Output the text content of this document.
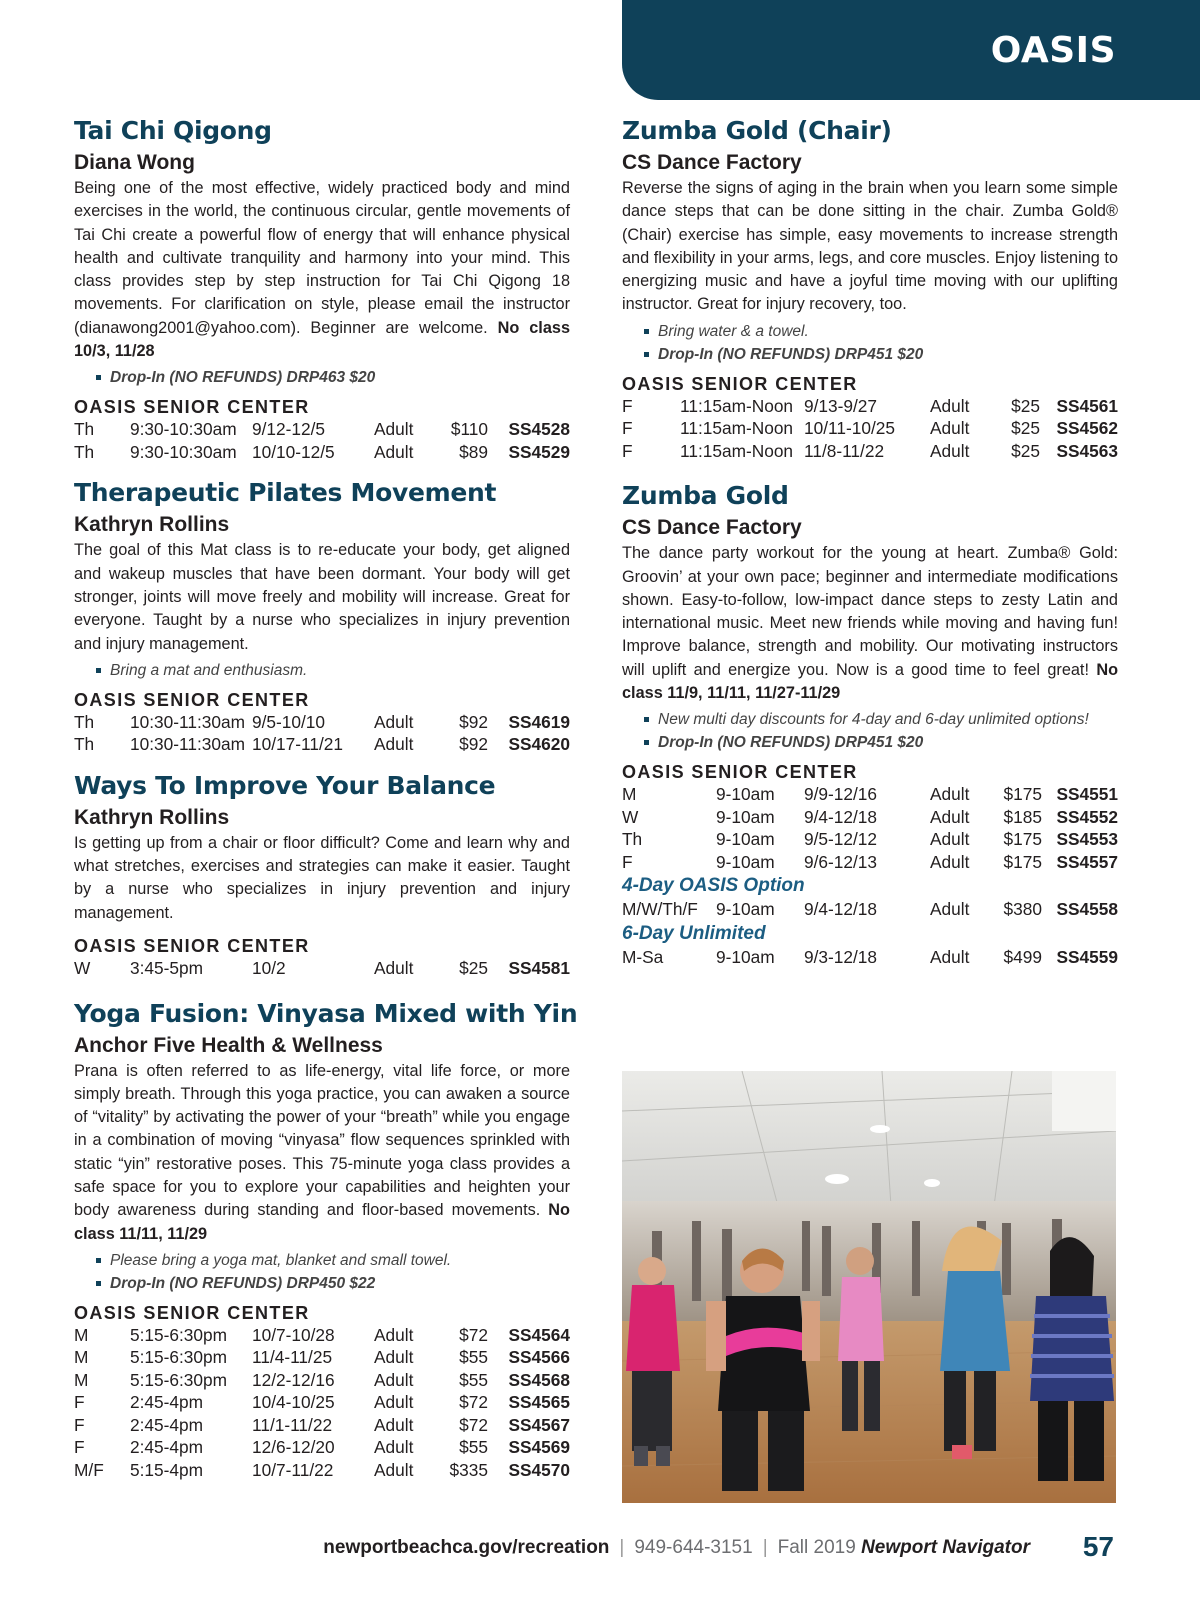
OASIS
Tai Chi Qigong
Diana Wong

Being one of the most effective, widely practiced body and mind exercises in the world, the continuous circular, gentle movements of Tai Chi create a powerful flow of energy that will enhance physical health and cultivate tranquility and harmony into your mind. This class provides step by step instruction for Tai Chi Qigong 18 movements. For clarification on style, please email the instructor (dianawong2001@yahoo.com). Beginner are welcome. No class 10/3, 11/28

Drop-In (NO REFUNDS) DRP463 $20
OASIS SENIOR CENTER
Th	9:30-10:30am	9/12-12/5	Adult	$110	SS4528
Th	9:30-10:30am	10/10-12/5	Adult	$89	SS4529
Therapeutic Pilates Movement
Kathryn Rollins

The goal of this Mat class is to re-educate your body, get aligned and wakeup muscles that have been dormant. Your body will get stronger, joints will move freely and mobility will increase. Great for everyone. Taught by a nurse who specializes in injury prevention and injury management.

Bring a mat and enthusiasm.
OASIS SENIOR CENTER
Th	10:30-11:30am	9/5-10/10	Adult	$92	SS4619
Th	10:30-11:30am	10/17-11/21	Adult	$92	SS4620
Ways To Improve Your Balance
Kathryn Rollins

Is getting up from a chair or floor difficult? Come and learn why and what stretches, exercises and strategies can make it easier. Taught by a nurse who specializes in injury prevention and injury management.

OASIS SENIOR CENTER
W	3:45-5pm	10/2	Adult	$25	SS4581
Yoga Fusion: Vinyasa Mixed with Yin
Anchor Five Health & Wellness

Prana is often referred to as life-energy, vital life force, or more simply breath. Through this yoga practice, you can awaken a source of “vitality” by activating the power of your “breath” while you engage in a combination of moving “vinyasa” flow sequences sprinkled with static “yin” restorative poses. This 75-minute yoga class provides a safe space for you to explore your capabilities and heighten your body awareness during standing and floor-based movements. No class 11/11, 11/29

Please bring a yoga mat, blanket and small towel.
Drop-In (NO REFUNDS) DRP450 $22
OASIS SENIOR CENTER
M	5:15-6:30pm	10/7-10/28	Adult	$72	SS4564
M	5:15-6:30pm	11/4-11/25	Adult	$55	SS4566
M	5:15-6:30pm	12/2-12/16	Adult	$55	SS4568
F	2:45-4pm	10/4-10/25	Adult	$72	SS4565
F	2:45-4pm	11/1-11/22	Adult	$72	SS4567
F	2:45-4pm	12/6-12/20	Adult	$55	SS4569
M/F	5:15-4pm	10/7-11/22	Adult	$335	SS4570
Zumba Gold (Chair)
CS Dance Factory

Reverse the signs of aging in the brain when you learn some simple dance steps that can be done sitting in the chair. Zumba Gold® (Chair) exercise has simple, easy movements to increase strength and flexibility in your arms, legs, and core muscles. Enjoy listening to energizing music and have a joyful time moving with our uplifting instructor. Great for injury recovery, too.

Bring water & a towel.
Drop-In (NO REFUNDS) DRP451 $20
OASIS SENIOR CENTER
F	11:15am-Noon	9/13-9/27	Adult	$25	SS4561
F	11:15am-Noon	10/11-10/25	Adult	$25	SS4562
F	11:15am-Noon	11/8-11/22	Adult	$25	SS4563
Zumba Gold
CS Dance Factory

The dance party workout for the young at heart. Zumba® Gold: Groovin’ at your own pace; beginner and intermediate modifications shown. Easy-to-follow, low-impact dance steps to zesty Latin and international music. Meet new friends while moving and having fun! Improve balance, strength and mobility. Our motivating instructors will uplift and energize you. Now is a good time to feel great! No class 11/9, 11/11, 11/27-11/29

New multi day discounts for 4-day and 6-day unlimited options!
Drop-In (NO REFUNDS) DRP451 $20
OASIS SENIOR CENTER
M	9-10am	9/9-12/16	Adult	$175	SS4551
W	9-10am	9/4-12/18	Adult	$185	SS4552
Th	9-10am	9/5-12/12	Adult	$175	SS4553
F	9-10am	9/6-12/13	Adult	$175	SS4557
4-Day OASIS Option
M/W/Th/F	9-10am	9/4-12/18	Adult	$380	SS4558
6-Day Unlimited
M-Sa	9-10am	9/3-12/18	Adult	$499	SS4559
newportbeachca.gov/recreation | 949-644-3151 | Fall 2019 Newport Navigator 57
